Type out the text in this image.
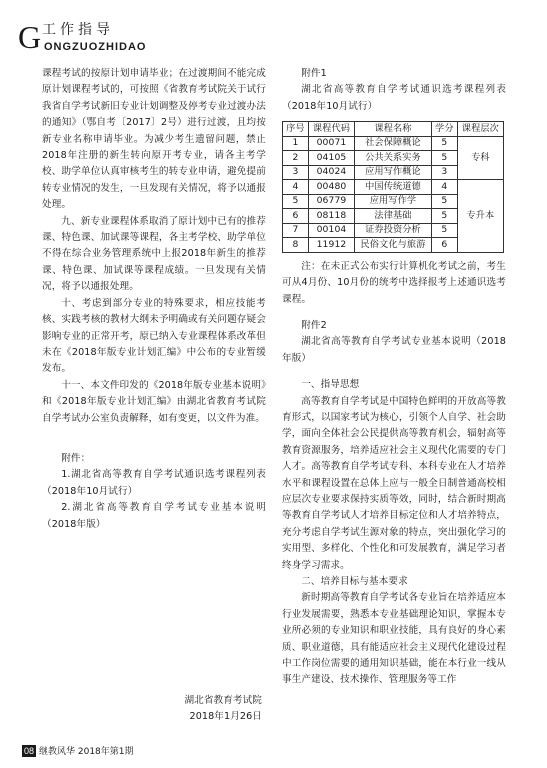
G 工作指导
ONGZUOZHIDAO

课程考试的按原计划申请毕业；在过渡期间不能完成原计划课程考试的，可按照《省教育考试院关于试行我省自学考试新旧专业计划调整及停考专业过渡办法的通知》（鄂自考〔2017〕2号）进行过渡，且均按新专业名称申请毕业。为减少考生遗留问题，禁止2018年注册的新生转向原开考专业，请各主考学校、助学单位认真审核考生的转专业申请，避免提前转专业情况的发生，一旦发现有关情况，将予以通报处理。

九、新专业课程体系取消了原计划中已有的推荐课、特色课、加试课等课程，各主考学校、助学单位不得在综合业务管理系统中上报2018年新生的推荐课、特色课、加试课等课程成绩。一旦发现有关情况，将予以通报处理。

十、考虑到部分专业的特殊要求，相应技能考核、实践考核的教材大纲未予明确或有关问题存疑会影响专业的正常开考，原已纳入专业课程体系改革但未在《2018年版专业计划汇编》中公布的专业暂缓发布。

十一、本文件印发的《2018年版专业基本说明》和《2018年版专业计划汇编》由湖北省教育考试院自学考试办公室负责解释，如有变更，以文件为准。

附件：

1.湖北省高等教育自学考试通识选考课程列表（2018年10月试行）

2.湖北省高等教育自学考试专业基本说明（2018年版）

湖北省教育考试院

2018年1月26日

附件1

湖北省高等教育自学考试通识选考课程列表（2018年10月试行）

序号	课程代码	课程名称	学分	课程层次
1	00071	社会保障概论	5	专科
2	04105	公共关系实务	5	
3	04024	应用写作概论	3	
4	00480	中国传统道德	4	专升本
5	06779	应用写作学	5	
6	08118	法律基础	5	
7	00104	证券投资分析	5	
8	11912	民俗文化与旅游	6	

注：在未正式公布实行计算机化考试之前，考生可从4月份、10月份的统考中选择报考上述通识选考课程。

附件2

湖北省高等教育自学考试专业基本说明（2018年版）

一、指导思想

高等教育自学考试是中国特色鲜明的开放高等教育形式，以国家考试为核心，引领个人自学、社会助学，面向全体社会公民提供高等教育机会，辐射高等教育资源服务，培养适应社会主义现代化需要的专门人才。高等教育自学考试专科、本科专业在人才培养水平和课程设置在总体上应与一般全日制普通高校相应层次专业要求保持实质等效，同时，结合新时期高等教育自学考试人才培养目标定位和人才培养特点，充分考虑自学考试生源对象的特点，突出强化学习的实用型、多样化、个性化和可发展教育，满足学习者终身学习需求。

二、培养目标与基本要求

新时期高等教育自学考试各专业旨在培养适应本行业发展需要，熟悉本专业基础理论知识，掌握本专业所必须的专业知识和职业技能，具有良好的身心素质、职业道德，具有能适应社会主义现代化建设过程中工作岗位需要的通用知识基础，能在本行业一线从事生产建设、技术操作、管理服务等工作

08 继教风华 2018年第1期
